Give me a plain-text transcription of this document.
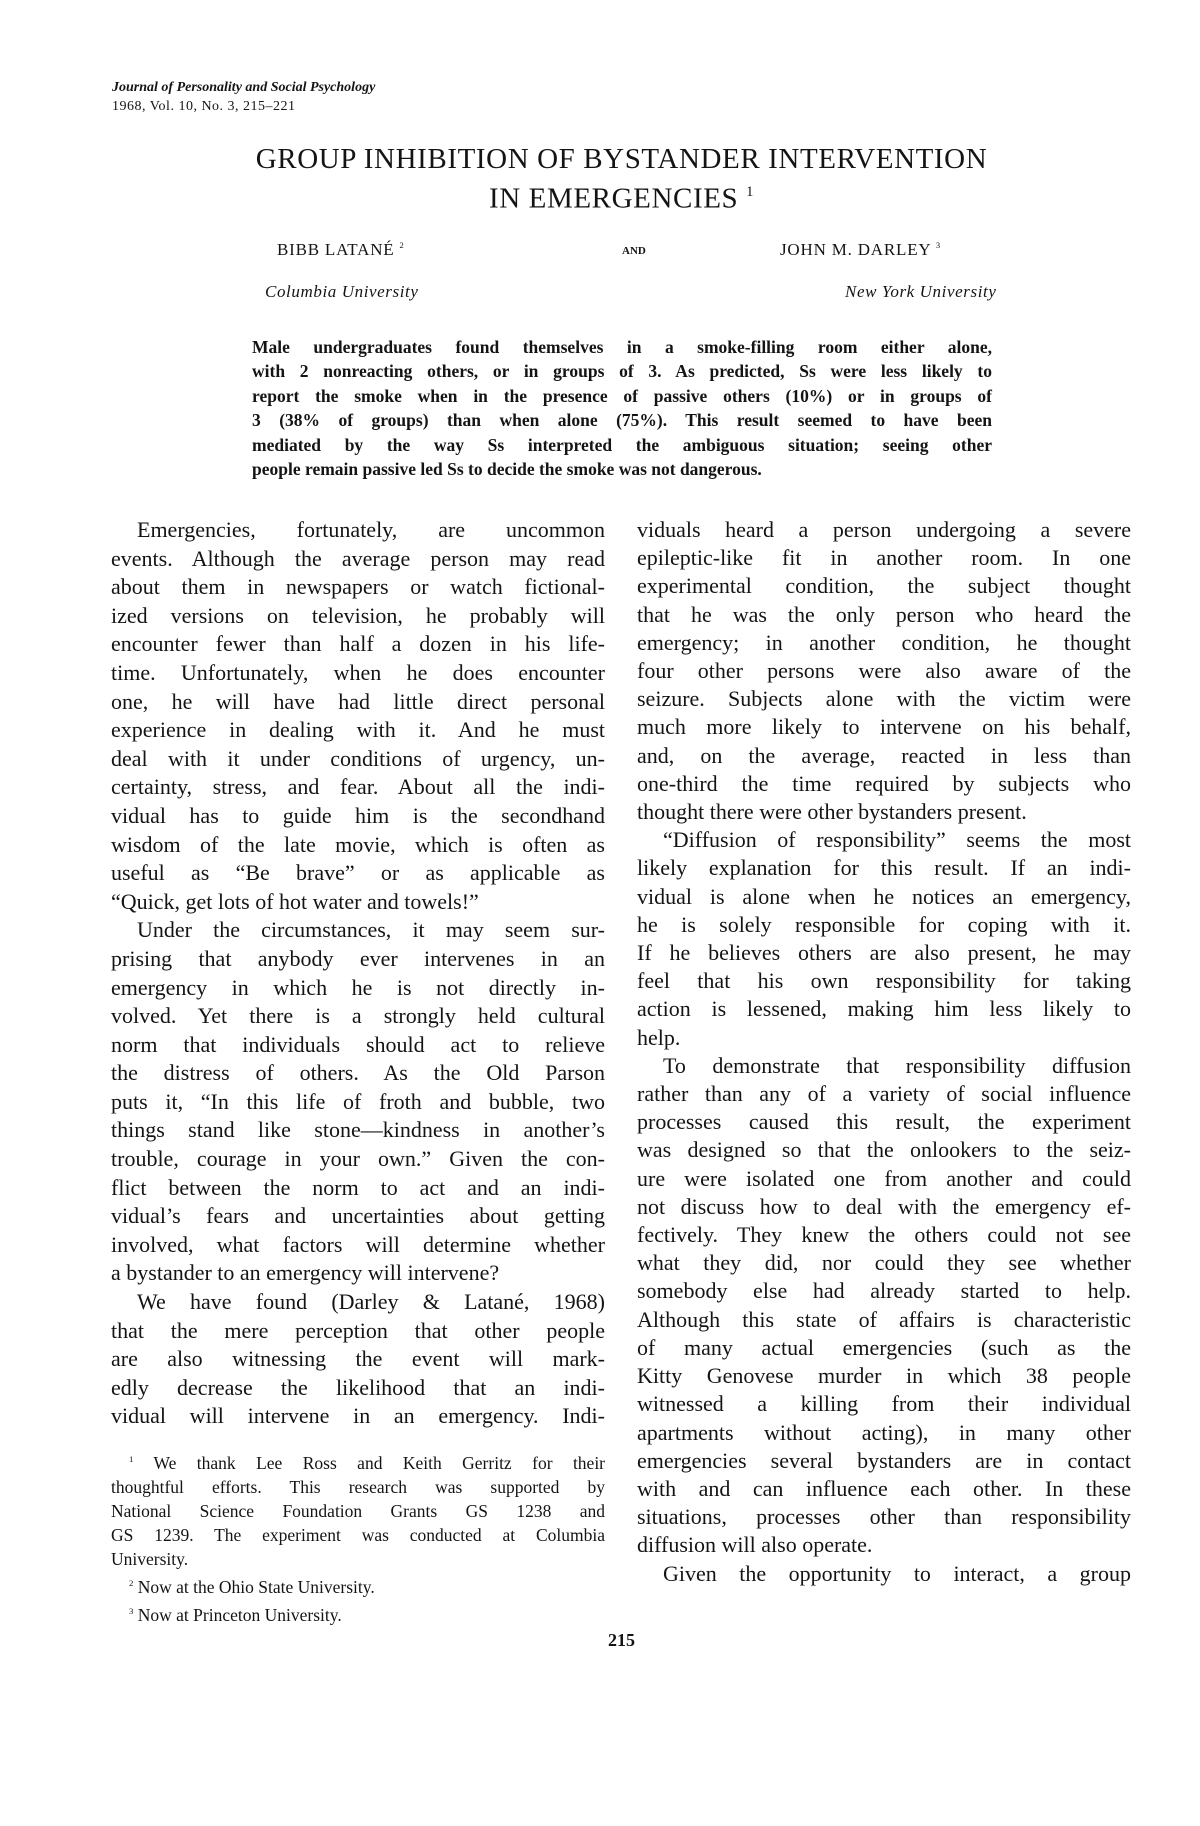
Journal of Personality and Social Psychology
1968, Vol. 10, No. 3, 215–221
GROUP INHIBITION OF BYSTANDER INTERVENTION
IN EMERGENCIES $^1$
BIBB LATANÉ $^2$	AND	JOHN M. DARLEY $^3$
Columbia University	New York University
Male undergraduates found themselves in a smoke-filling room either alone,
with 2 nonreacting others, or in groups of 3. As predicted, Ss were less likely to
report the smoke when in the presence of passive others (10%) or in groups of
3 (38% of groups) than when alone (75%). This result seemed to have been
mediated by the way Ss interpreted the ambiguous situation; seeing other
people remain passive led Ss to decide the smoke was not dangerous.
Emergencies, fortunately, are uncommon
events. Although the average person may read
about them in newspapers or watch fictional-
ized versions on television, he probably will
encounter fewer than half a dozen in his life-
time. Unfortunately, when he does encounter
one, he will have had little direct personal
experience in dealing with it. And he must
deal with it under conditions of urgency, un-
certainty, stress, and fear. About all the indi-
vidual has to guide him is the secondhand
wisdom of the late movie, which is often as
useful as “Be brave” or as applicable as
“Quick, get lots of hot water and towels!”
Under the circumstances, it may seem sur-
prising that anybody ever intervenes in an
emergency in which he is not directly in-
volved. Yet there is a strongly held cultural
norm that individuals should act to relieve
the distress of others. As the Old Parson
puts it, “In this life of froth and bubble, two
things stand like stone—kindness in another’s
trouble, courage in your own.” Given the con-
flict between the norm to act and an indi-
vidual’s fears and uncertainties about getting
involved, what factors will determine whether
a bystander to an emergency will intervene?
We have found (Darley & Latané, 1968)
that the mere perception that other people
are also witnessing the event will mark-
edly decrease the likelihood that an indi-
vidual will intervene in an emergency. Indi-
viduals heard a person undergoing a severe
epileptic-like fit in another room. In one
experimental condition, the subject thought
that he was the only person who heard the
emergency; in another condition, he thought
four other persons were also aware of the
seizure. Subjects alone with the victim were
much more likely to intervene on his behalf,
and, on the average, reacted in less than
one-third the time required by subjects who
thought there were other bystanders present.
“Diffusion of responsibility” seems the most
likely explanation for this result. If an indi-
vidual is alone when he notices an emergency,
he is solely responsible for coping with it.
If he believes others are also present, he may
feel that his own responsibility for taking
action is lessened, making him less likely to
help.
To demonstrate that responsibility diffusion
rather than any of a variety of social influence
processes caused this result, the experiment
was designed so that the onlookers to the seiz-
ure were isolated one from another and could
not discuss how to deal with the emergency ef-
fectively. They knew the others could not see
what they did, nor could they see whether
somebody else had already started to help.
Although this state of affairs is characteristic
of many actual emergencies (such as the
Kitty Genovese murder in which 38 people
witnessed a killing from their individual
apartments without acting), in many other
emergencies several bystanders are in contact
with and can influence each other. In these
situations, processes other than responsibility
diffusion will also operate.
Given the opportunity to interact, a group
$^1$ We thank Lee Ross and Keith Gerritz for their
thoughtful efforts. This research was supported by
National Science Foundation Grants GS 1238 and
GS 1239. The experiment was conducted at Columbia
University.
$^2$ Now at the Ohio State University.
$^3$ Now at Princeton University.
215
